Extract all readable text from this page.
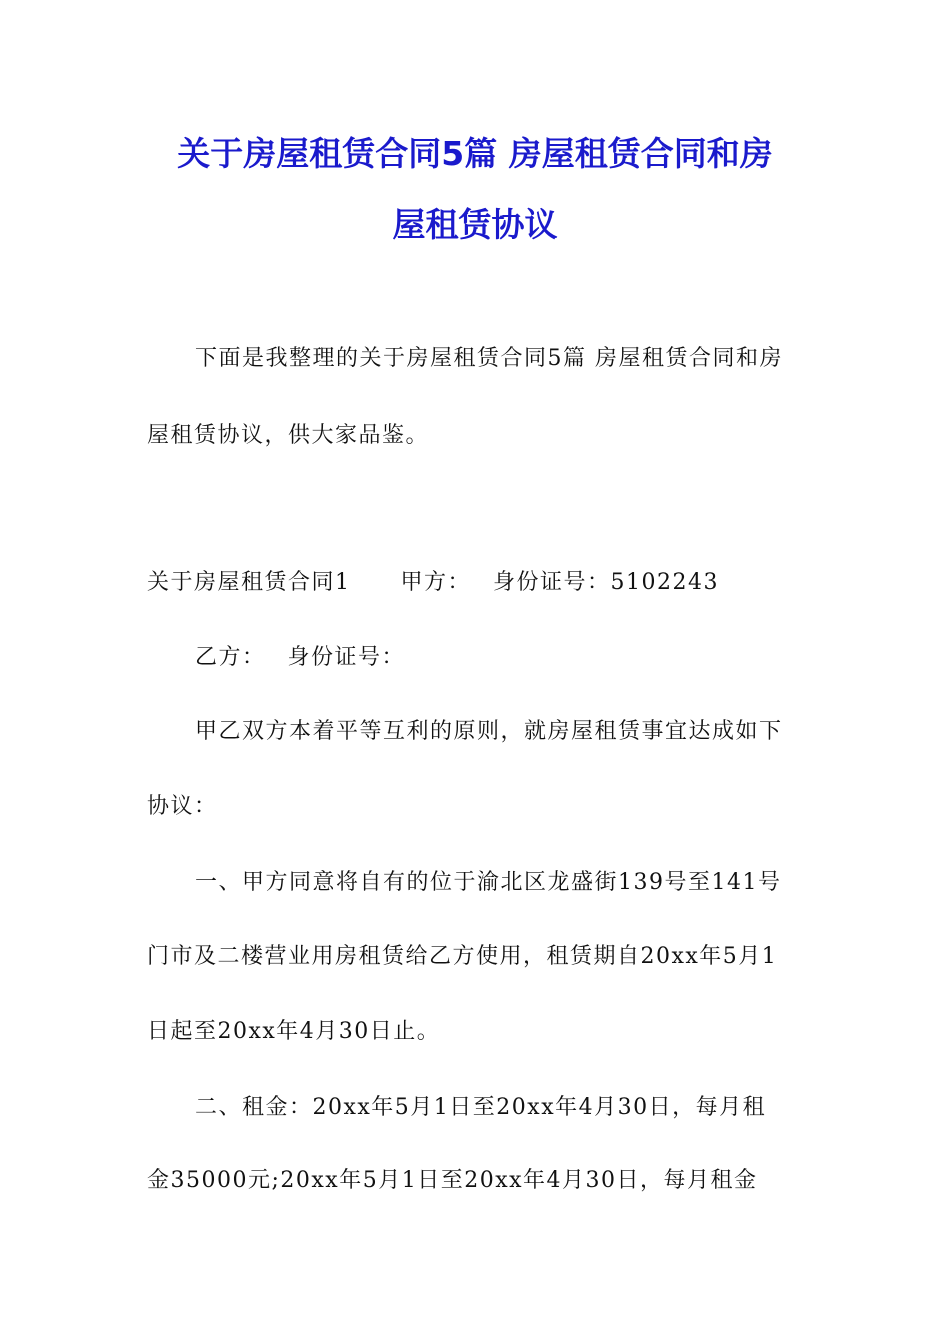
关于房屋租赁合同5篇 房屋租赁合同和房
屋租赁协议
下面是我整理的关于房屋租赁合同5篇 房屋租赁合同和房
屋租赁协议，供大家品鉴。
关于房屋租赁合同1 甲方： 身份证号：5102243
乙方： 身份证号：
甲乙双方本着平等互利的原则，就房屋租赁事宜达成如下
协议：
一、甲方同意将自有的位于渝北区龙盛街139号至141号
门市及二楼营业用房租赁给乙方使用，租赁期自20xx年5月1
日起至20xx年4月30日止。
二、租金：20xx年5月1日至20xx年4月30日，每月租
金35000元;20xx年5月1日至20xx年4月30日，每月租金
